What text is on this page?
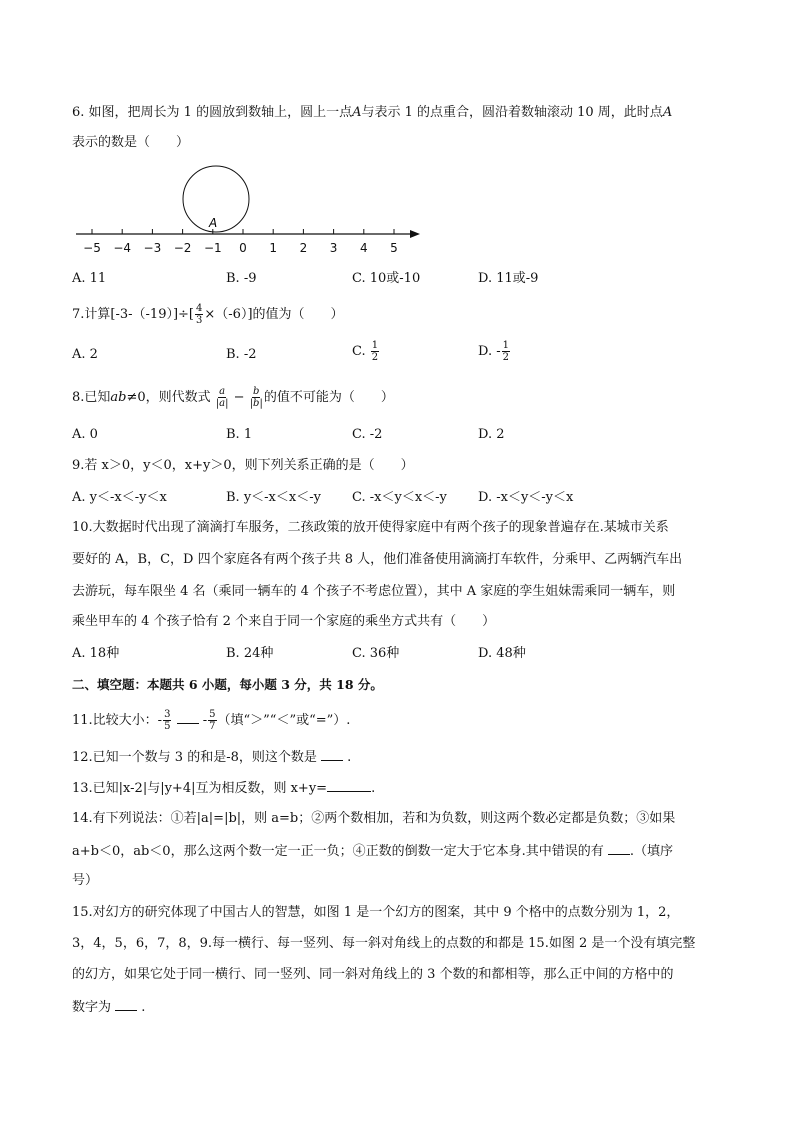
6. 如图，把周长为 1 的圆放到数轴上，圆上一点A与表示 1 的点重合，圆沿着数轴滚动 10 周，此时点A
表示的数是（　　）
A
−5 −4 −3 −2 −1 0 1 2 3 4 5
A. 11	B. -9	C. 10或-10	D. 11或-9
7.计算$[-3-(-19)]\div[ \frac{4}{3} \times(-6)]$的值为（　　）
A. 2	B. -2	C. $\frac{1}{2}$	D. - $\frac{1}{2}$
8.已知ab≠0，则代数式 $\frac{a}{|a|} - \frac{b}{|b|}$ 的值不可能为（　　）
A. 0	B. 1	C. -2	D. 2
9.若 x＞0，y＜0，x+y＞0，则下列关系正确的是（　　）
A. y＜-x＜-y＜x	B. y＜-x＜x＜-y C. -x＜y＜x＜-y D. -x＜y＜-y＜x
10.大数据时代出现了滴滴打车服务，二孩政策的放开使得家庭中有两个孩子的现象普遍存在.某城市关系
要好的 A，B，C，D 四个家庭各有两个孩子共 8 人，他们准备使用滴滴打车软件，分乘甲、乙两辆汽车出
去游玩，每车限坐 4 名（乘同一辆车的 4 个孩子不考虑位置），其中 A 家庭的孪生姐妹需乘同一辆车，则
乘坐甲车的 4 个孩子恰有 2 个来自于同一个家庭的乘坐方式共有（　　）
A. 18种	B. 24种	C. 36种	D. 48种
二、填空题：本题共 6 小题，每小题 3 分，共 18 分。
11.比较大小：- $\frac{3}{5} - \frac{5}{7}$ （填“＞”“＜”或“=”）.
12.已知一个数与 3 的和是-8，则这个数是 .
13.已知|x-2|与|y+4|互为相反数，则 x+y=	.
14.有下列说法：①若|a|=|b|，则 a=b；②两个数相加，若和为负数，则这两个数必定都是负数；③如果
a+b＜0，ab＜0，那么这两个数一定一正一负；④正数的倒数一定大于它本身.其中错误的有 .（填序
号）
15.对幻方的研究体现了中国古人的智慧，如图 1 是一个幻方的图案，其中 9 个格中的点数分别为 1，2，
3，4，5，6，7，8，9.每一横行、每一竖列、每一斜对角线上的点数的和都是 15.如图 2 是一个没有填完整
的幻方，如果它处于同一横行、同一竖列、同一斜对角线上的 3 个数的和都相等，那么正中间的方格中的
数字为 .
